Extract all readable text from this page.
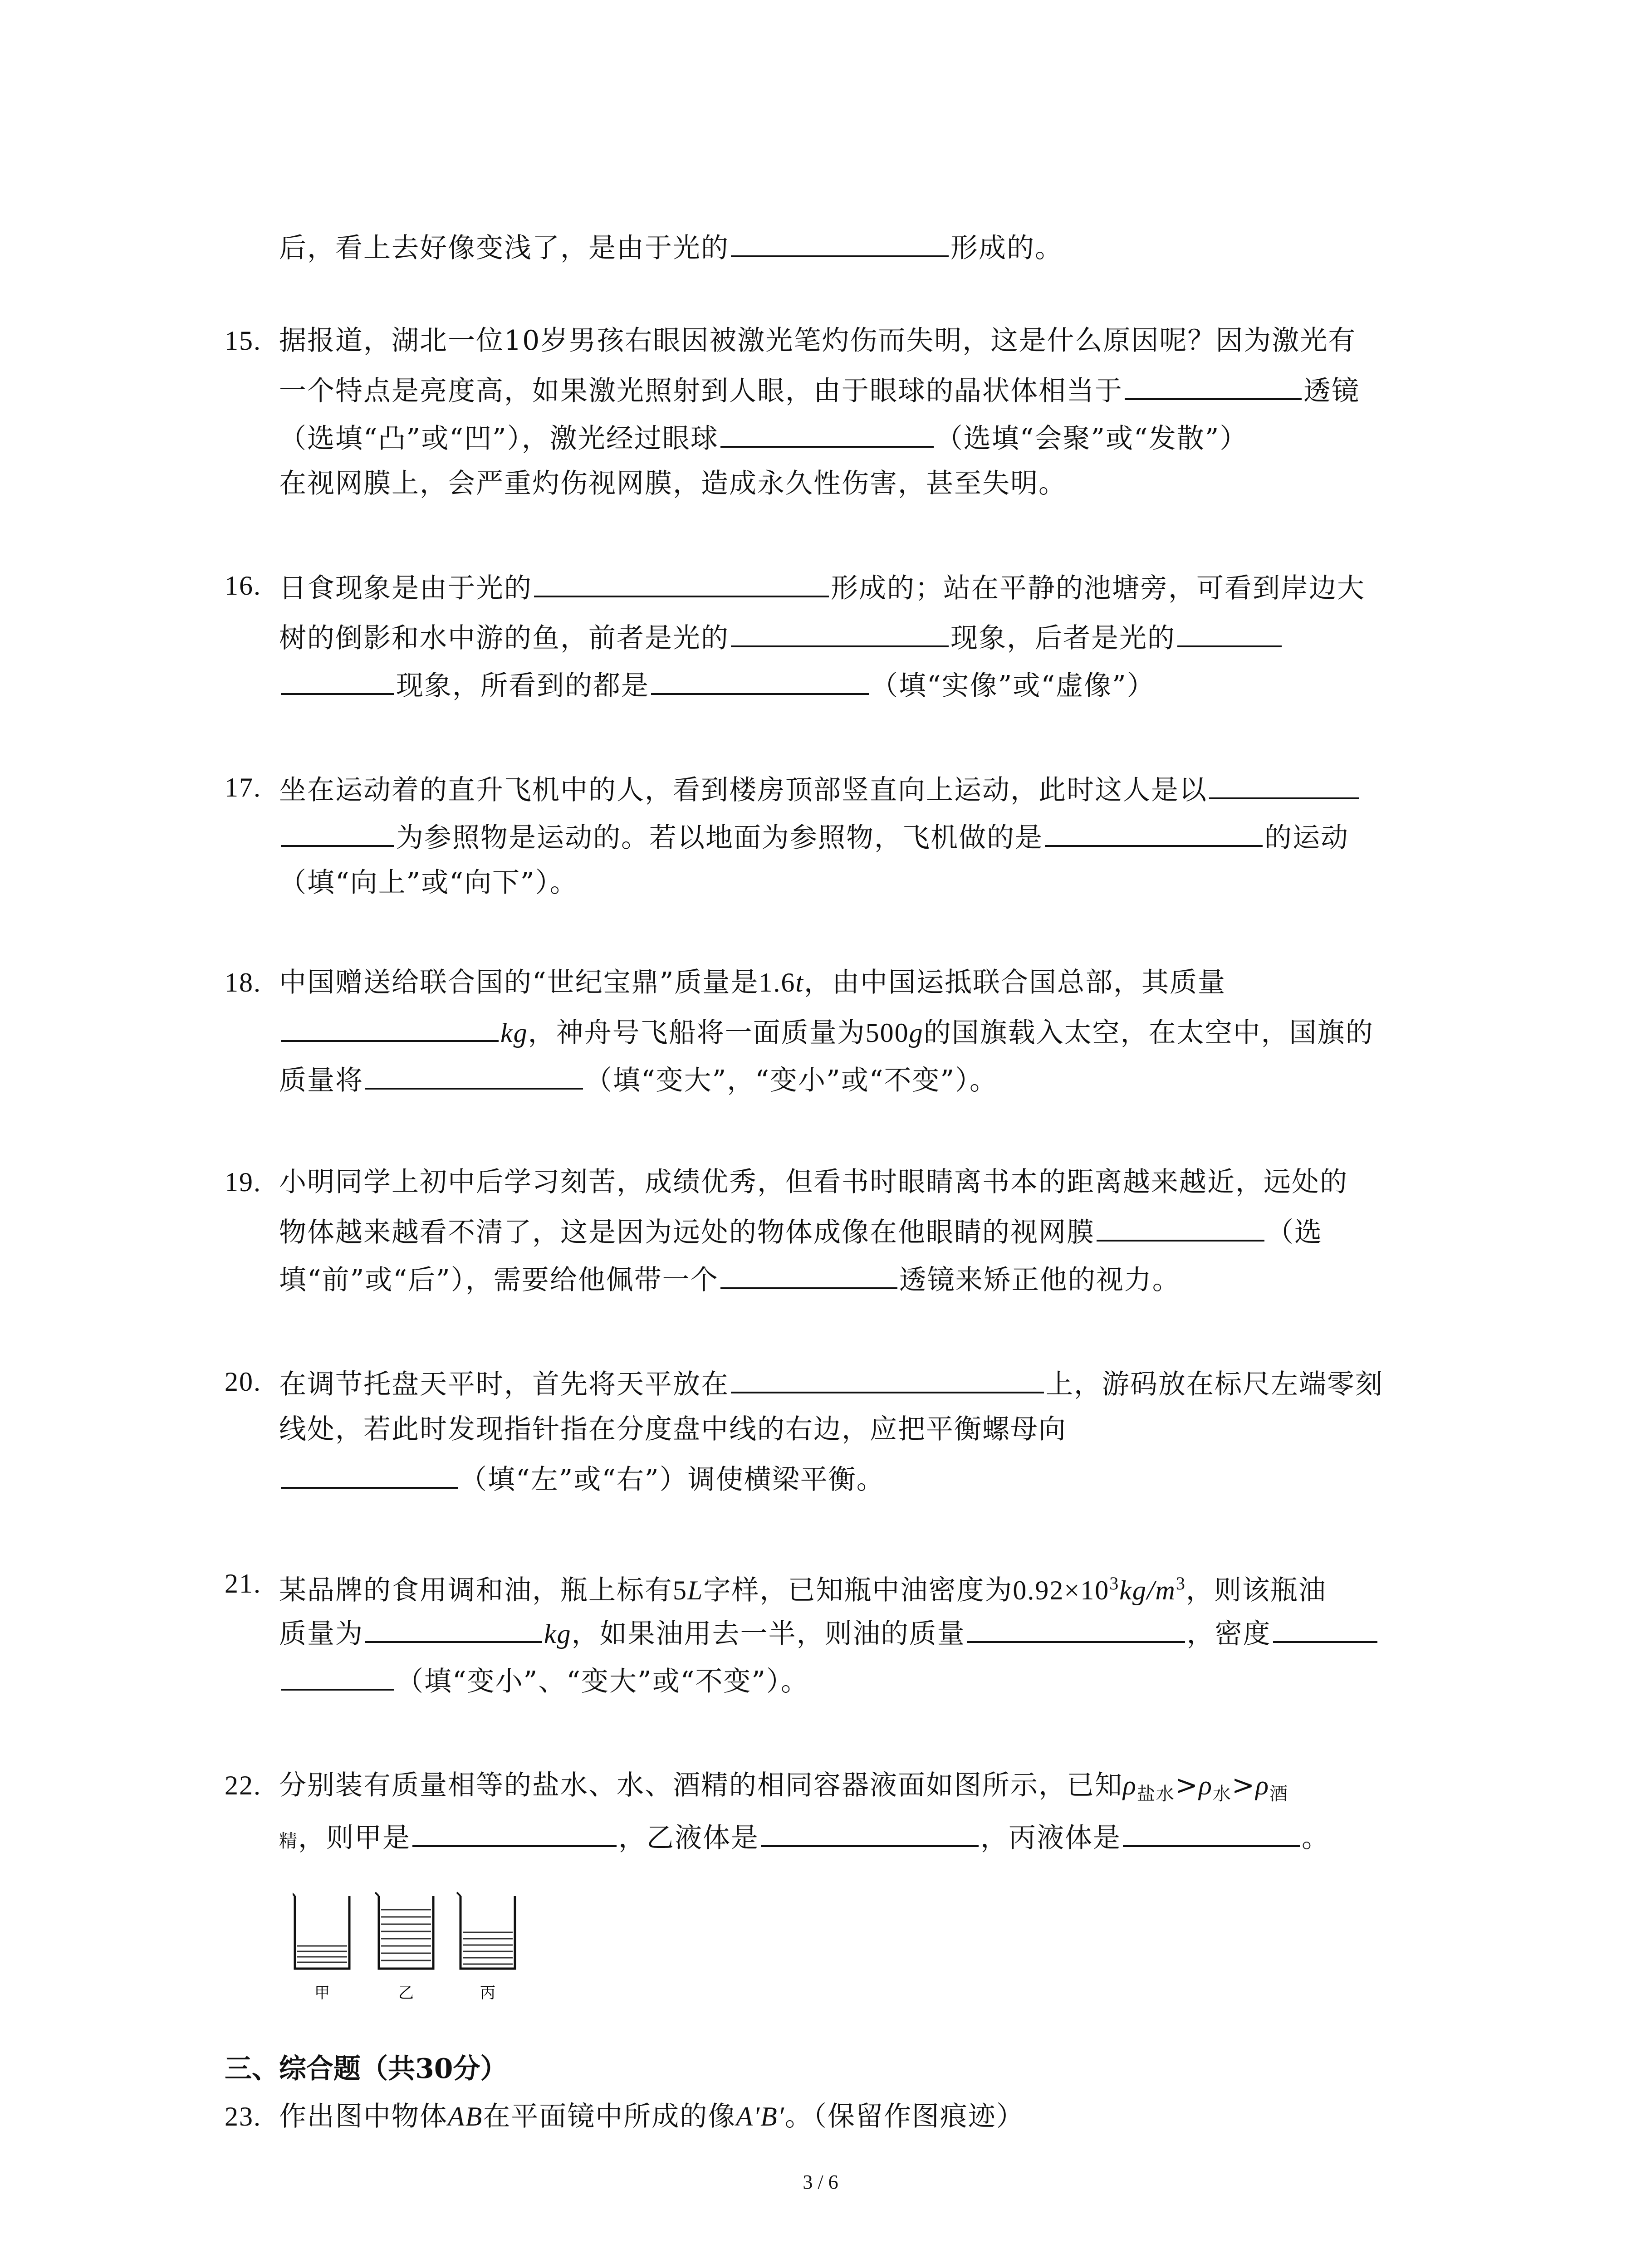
后，看上去好像变浅了，是由于光的	形成的。
15. 据报道，湖北一位10岁男孩右眼因被激光笔灼伤而失明，这是什么原因呢？因为激光有
一个特点是亮度高，如果激光照射到人眼，由于眼球的晶状体相当于	透镜
（选填“凸”或“凹”），激光经过眼球	（选填“会聚”或“发散”）
在视网膜上，会严重灼伤视网膜，造成永久性伤害，甚至失明。
16. 日食现象是由于光的	形成的；站在平静的池塘旁，可看到岸边大
树的倒影和水中游的鱼，前者是光的	现象，后者是光的
现象，所看到的都是	（填“实像”或“虚像”）
17. 坐在运动着的直升飞机中的人，看到楼房顶部竖直向上运动，此时这人是以
为参照物是运动的。若以地面为参照物，飞机做的是	的运动
（填“向上”或“向下”）。
18. 中国赠送给联合国的“世纪宝鼎”质量是1.6t，由中国运抵联合国总部，其质量
kg，神舟号飞船将一面质量为500g的国旗载入太空，在太空中，国旗的
质量将	（填“变大”，“变小”或“不变”）。
19. 小明同学上初中后学习刻苦，成绩优秀，但看书时眼睛离书本的距离越来越近，远处的
物体越来越看不清了，这是因为远处的物体成像在他眼睛的视网膜	（选
填“前”或“后”），需要给他佩带一个	透镜来矫正他的视力。
20. 在调节托盘天平时，首先将天平放在	上，游码放在标尺左端零刻
线处，若此时发现指针指在分度盘中线的右边，应把平衡螺母向
（填“左”或“右”）调使横梁平衡。
21. 某品牌的食用调和油，瓶上标有5L字样，已知瓶中油密度为$0.92\times 10^3kg/m^3$，则该瓶油
质量为	kg，如果油用去一半，则油的质量	，密度
（填“变小”、“变大”或“不变”）。
22. 分别装有质量相等的盐水、水、酒精的相同容器液面如图所示，已知$\rho_{盐水}>\rho_水>\rho_酒$
精，则甲是	，乙液体是	，丙液体是	。
甲	乙	丙
三、综合题（共30分）
23. 作出图中物体AB在平面镜中所成的像A′B′。（保留作图痕迹）
3 / 6
